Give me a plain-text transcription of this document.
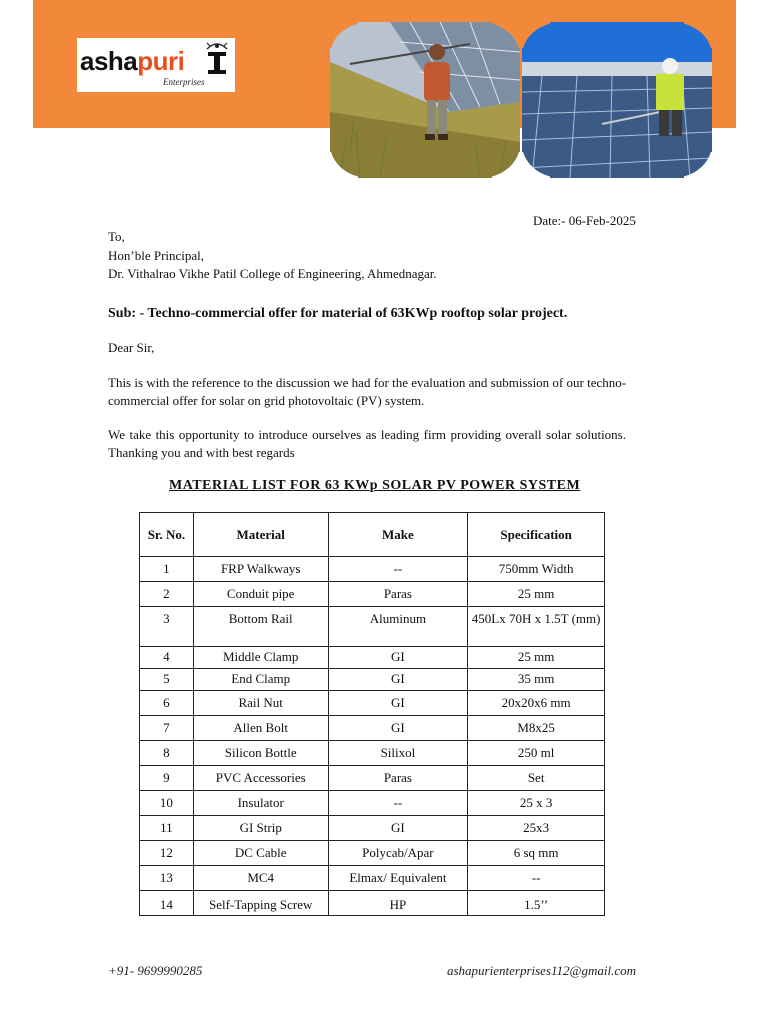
ashapuri
Enterprises
Date:- 06-Feb-2025
To,
Hon’ble Principal,
Dr. Vithalrao Vikhe Patil College of Engineering, Ahmednagar.
Sub: - Techno-commercial offer for material of 63KWp rooftop solar project.
Dear Sir,
This is with the reference to the discussion we had for the evaluation and submission of our techno-commercial offer for solar on grid photovoltaic (PV) system.
We take this opportunity to introduce ourselves as leading firm providing overall solar solutions.
Thanking you and with best regards
MATERIAL LIST FOR 63 KWp SOLAR PV POWER SYSTEM
Sr. No.	Material	Make	Specification
1	FRP Walkways	--	750mm Width
2	Conduit pipe	Paras	25 mm
3	Bottom Rail	Aluminum	450Lx 70H x 1.5T (mm)
4	Middle Clamp	GI	25 mm
5	End Clamp	GI	35 mm
6	Rail Nut	GI	20x20x6 mm
7	Allen Bolt	GI	M8x25
8	Silicon Bottle	Silixol	250 ml
9	PVC Accessories	Paras	Set
10	Insulator	--	25 x 3
11	GI Strip	GI	25x3
12	DC Cable	Polycab/Apar	6 sq mm
13	MC4	Elmax/ Equivalent	--
14	Self-Tapping Screw	HP	1.5’’
+91- 9699990285	ashapurienterprises112@gmail.com
